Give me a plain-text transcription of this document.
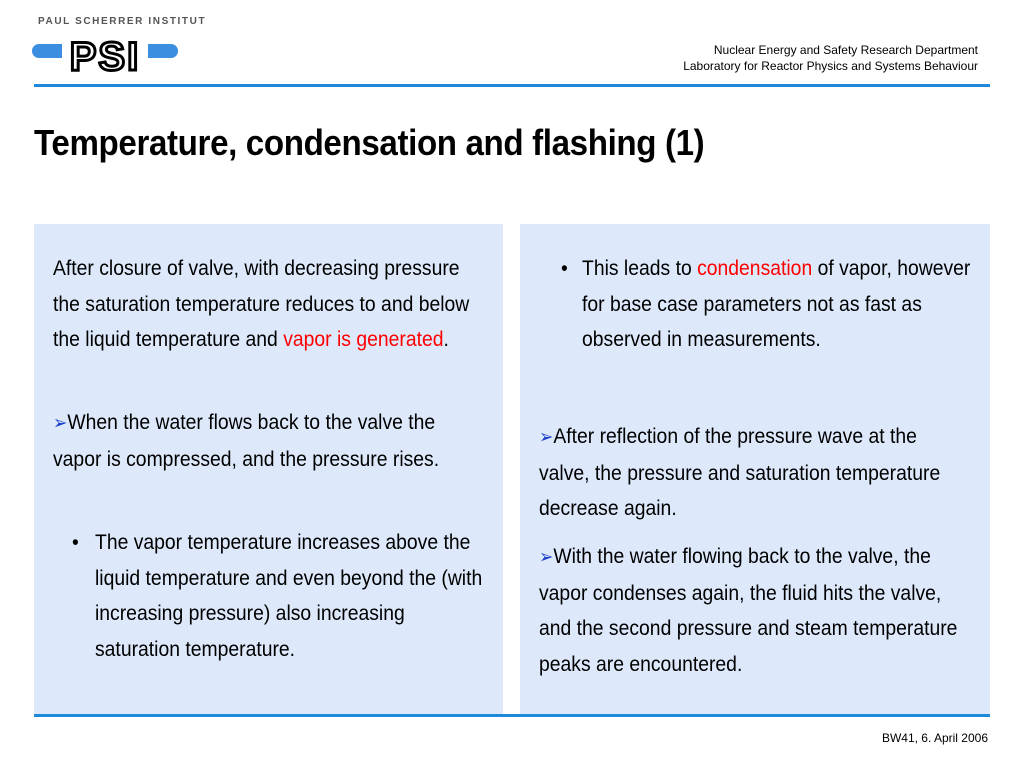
PSI
PAUL SCHERRER INSTITUT
Nuclear Energy and Safety Research Department
Laboratory for Reactor Physics and Systems Behaviour
Temperature, condensation and flashing (1)
After closure of valve, with decreasing pressure the saturation temperature reduces to and below the liquid temperature and vapor is generated.
➢When the water flows back to the valve the vapor is compressed, and the pressure rises.
• The vapor temperature increases above the liquid temperature and even beyond the (with increasing pressure) also increasing saturation temperature.
• This leads to condensation of vapor, however for base case parameters not as fast as observed in measurements.
➢After reflection of the pressure wave at the valve, the pressure and saturation temperature decrease again.
➢With the water flowing back to the valve, the vapor condenses again, the fluid hits the valve, and the second pressure and steam temperature peaks are encountered.
BW41, 6. April 2006
